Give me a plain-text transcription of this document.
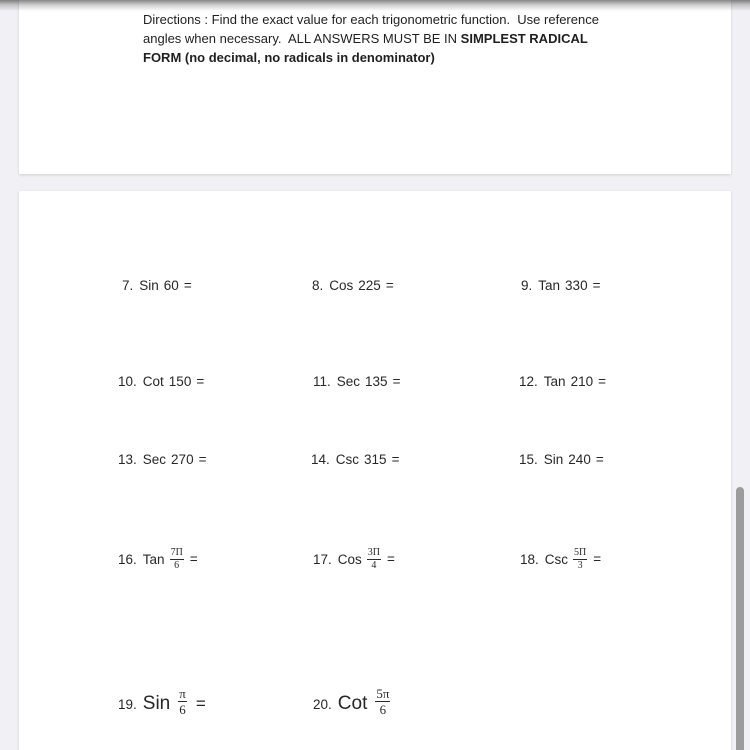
Directions : Find the exact value for each trigonometric function.  Use reference
angles when necessary.  ALL ANSWERS MUST BE IN SIMPLEST RADICAL
FORM (no decimal, no radicals in denominator)
7. Sin 60 =	8. Cos 225 =	9. Tan 330 =
10. Cot 150 =	11. Sec 135 =	12. Tan 210 =
13. Sec 270 =	14. Csc 315 =	15. Sin 240 =
16. Tan $\frac{7\Pi}{6}$ =	17. Cos $\frac{3\Pi}{4}$ =	18. Csc $\frac{5\Pi}{3}$ =
19. Sin $\frac{\pi}{6}$ =	20. Cot $\frac{5\pi}{6}$
